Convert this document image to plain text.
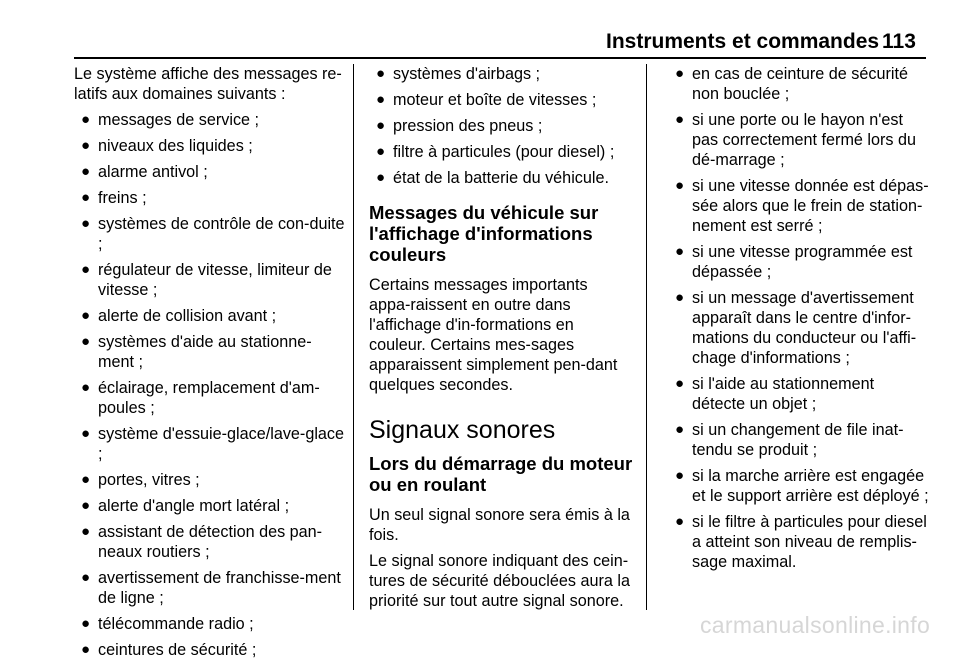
Instruments et commandes 113

Le système affiche des messages re-latifs aux domaines suivants :

● messages de service ;
● niveaux des liquides ;
● alarme antivol ;
● freins ;
● systèmes de contrôle de con-duite ;
● régulateur de vitesse, limiteur de vitesse ;
● alerte de collision avant ;
● systèmes d'aide au stationne-ment ;
● éclairage, remplacement d'am-poules ;
● système d'essuie-glace/lave-glace ;
● portes, vitres ;
● alerte d'angle mort latéral ;
● assistant de détection des pan-neaux routiers ;
● avertissement de franchisse-ment de ligne ;
● télécommande radio ;
● ceintures de sécurité ;
● systèmes d'airbags ;
● moteur et boîte de vitesses ;
● pression des pneus ;
● filtre à particules (pour diesel) ;
● état de la batterie du véhicule.

Messages du véhicule sur l'affichage d'informations couleurs

Certains messages importants appa-raissent en outre dans l'affichage d'in-formations en couleur. Certains mes-sages apparaissent simplement pen-dant quelques secondes.

Signaux sonores

Lors du démarrage du moteur ou en roulant

Un seul signal sonore sera émis à la fois.

Le signal sonore indiquant des cein-tures de sécurité débouclées aura la priorité sur tout autre signal sonore.

● en cas de ceinture de sécurité non bouclée ;
● si une porte ou le hayon n'est pas correctement fermé lors du dé-marrage ;
● si une vitesse donnée est dépas-sée alors que le frein de station-nement est serré ;
● si une vitesse programmée est dépassée ;
● si un message d'avertissement apparaît dans le centre d'infor-mations du conducteur ou l'affi-chage d'informations ;
● si l'aide au stationnement détecte un objet ;
● si un changement de file inat-tendu se produit ;
● si la marche arrière est engagée et le support arrière est déployé ;
● si le filtre à particules pour diesel a atteint son niveau de remplis-sage maximal.
carmanualsonline.info
